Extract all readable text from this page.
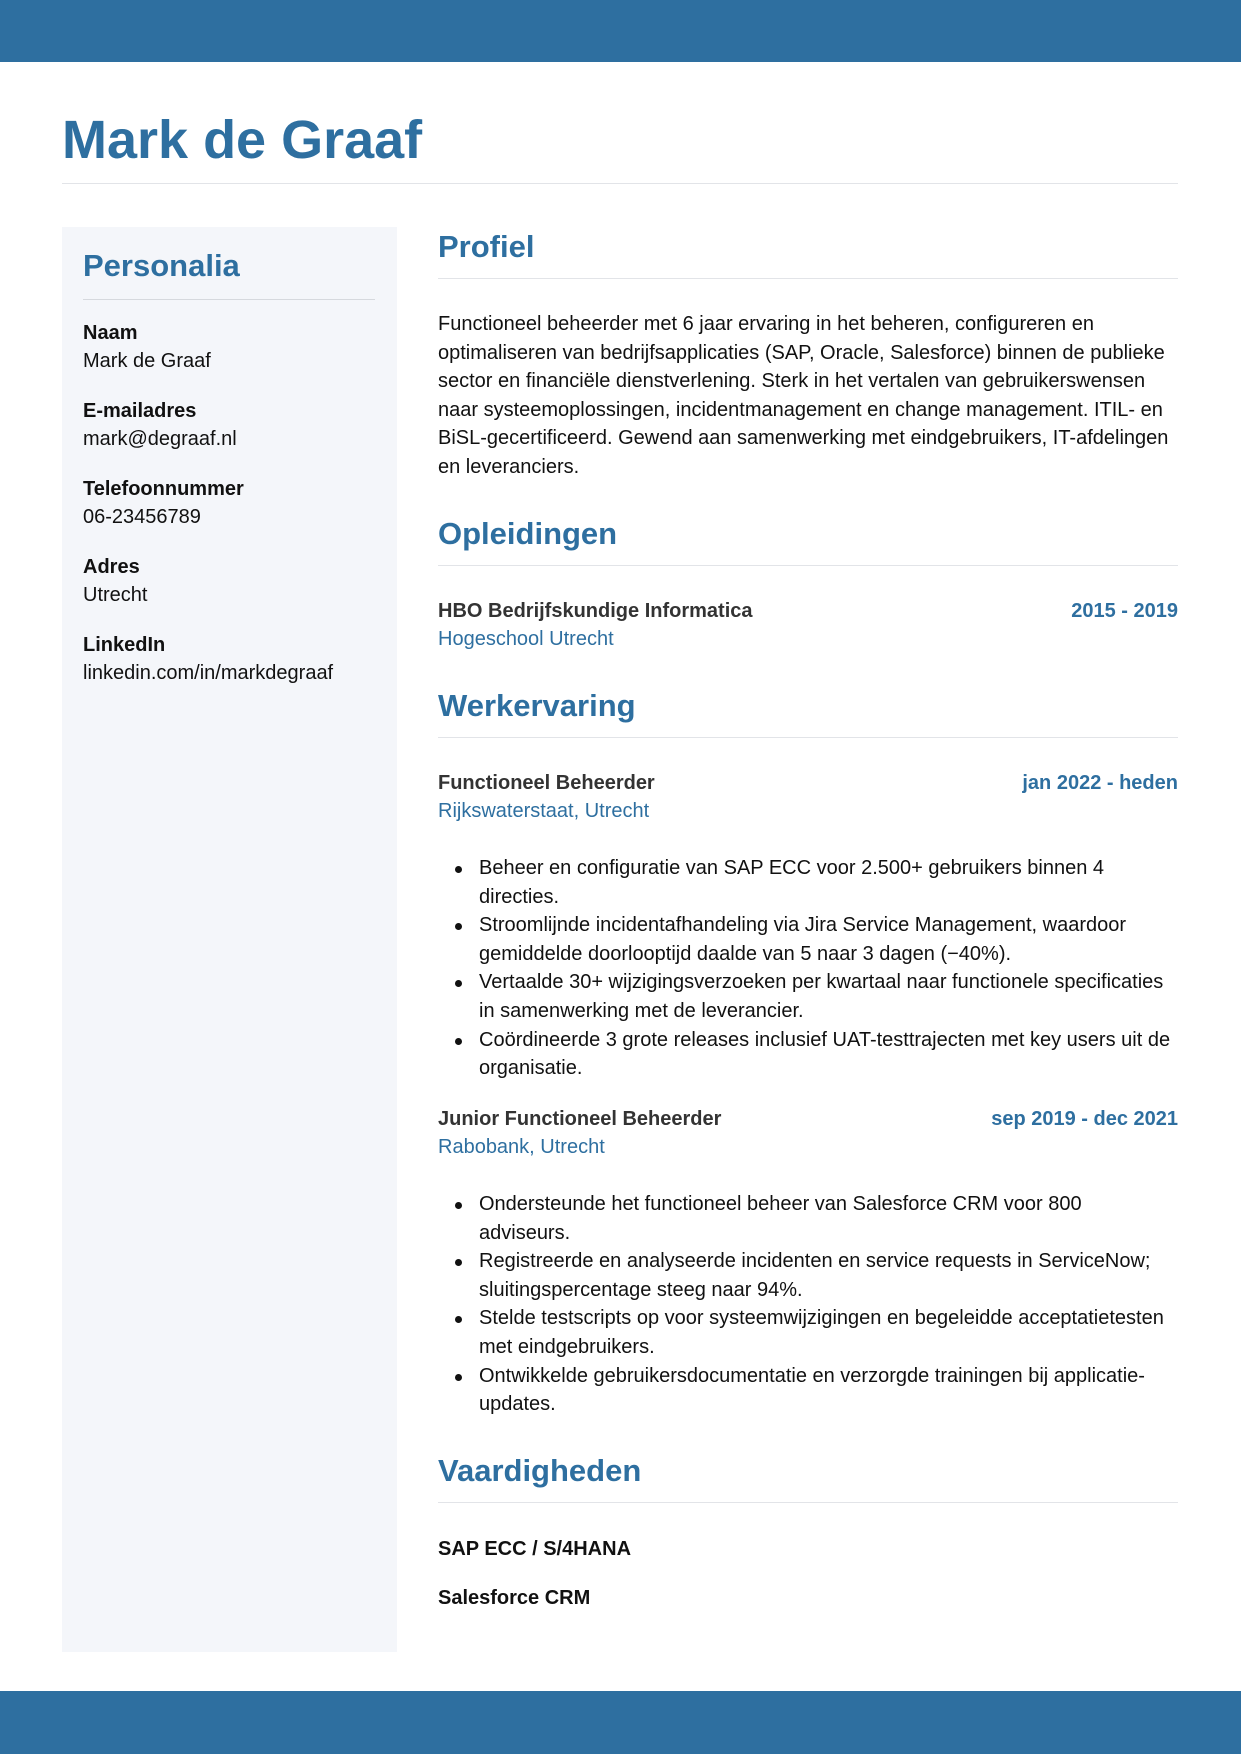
Mark de Graaf
Personalia
Naam
Mark de Graaf
E-mailadres
mark@degraaf.nl
Telefoonnummer
06-23456789
Adres
Utrecht
LinkedIn
linkedin.com/in/markdegraaf
Profiel

Functioneel beheerder met 6 jaar ervaring in het beheren, configureren en optimaliseren van bedrijfsapplicaties (SAP, Oracle, Salesforce) binnen de publieke sector en financiële dienstverlening. Sterk in het vertalen van gebruikerswensen naar systeemoplossingen, incidentmanagement en change management. ITIL- en BiSL-gecertificeerd. Gewend aan samenwerking met eindgebruikers, IT-afdelingen en leveranciers.

Opleidingen
HBO Bedrijfskundige Informatica	2015 - 2019
Hogeschool Utrecht
Werkervaring
Functioneel Beheerder	jan 2022 - heden
Rijkswaterstaat, Utrecht
Beheer en configuratie van SAP ECC voor 2.500+ gebruikers binnen 4 directies.
Stroomlijnde incidentafhandeling via Jira Service Management, waardoor gemiddelde doorlooptijd daalde van 5 naar 3 dagen (−40%).
Vertaalde 30+ wijzigingsverzoeken per kwartaal naar functionele specificaties in samenwerking met de leverancier.
Coördineerde 3 grote releases inclusief UAT-testtrajecten met key users uit de organisatie.
Junior Functioneel Beheerder	sep 2019 - dec 2021
Rabobank, Utrecht
Ondersteunde het functioneel beheer van Salesforce CRM voor 800 adviseurs.
Registreerde en analyseerde incidenten en service requests in ServiceNow; sluitingspercentage steeg naar 94%.
Stelde testscripts op voor systeemwijzigingen en begeleidde acceptatietesten met eindgebruikers.
Ontwikkelde gebruikersdocumentatie en verzorgde trainingen bij applicatie-updates.
Vaardigheden
SAP ECC / S/4HANA
Salesforce CRM
